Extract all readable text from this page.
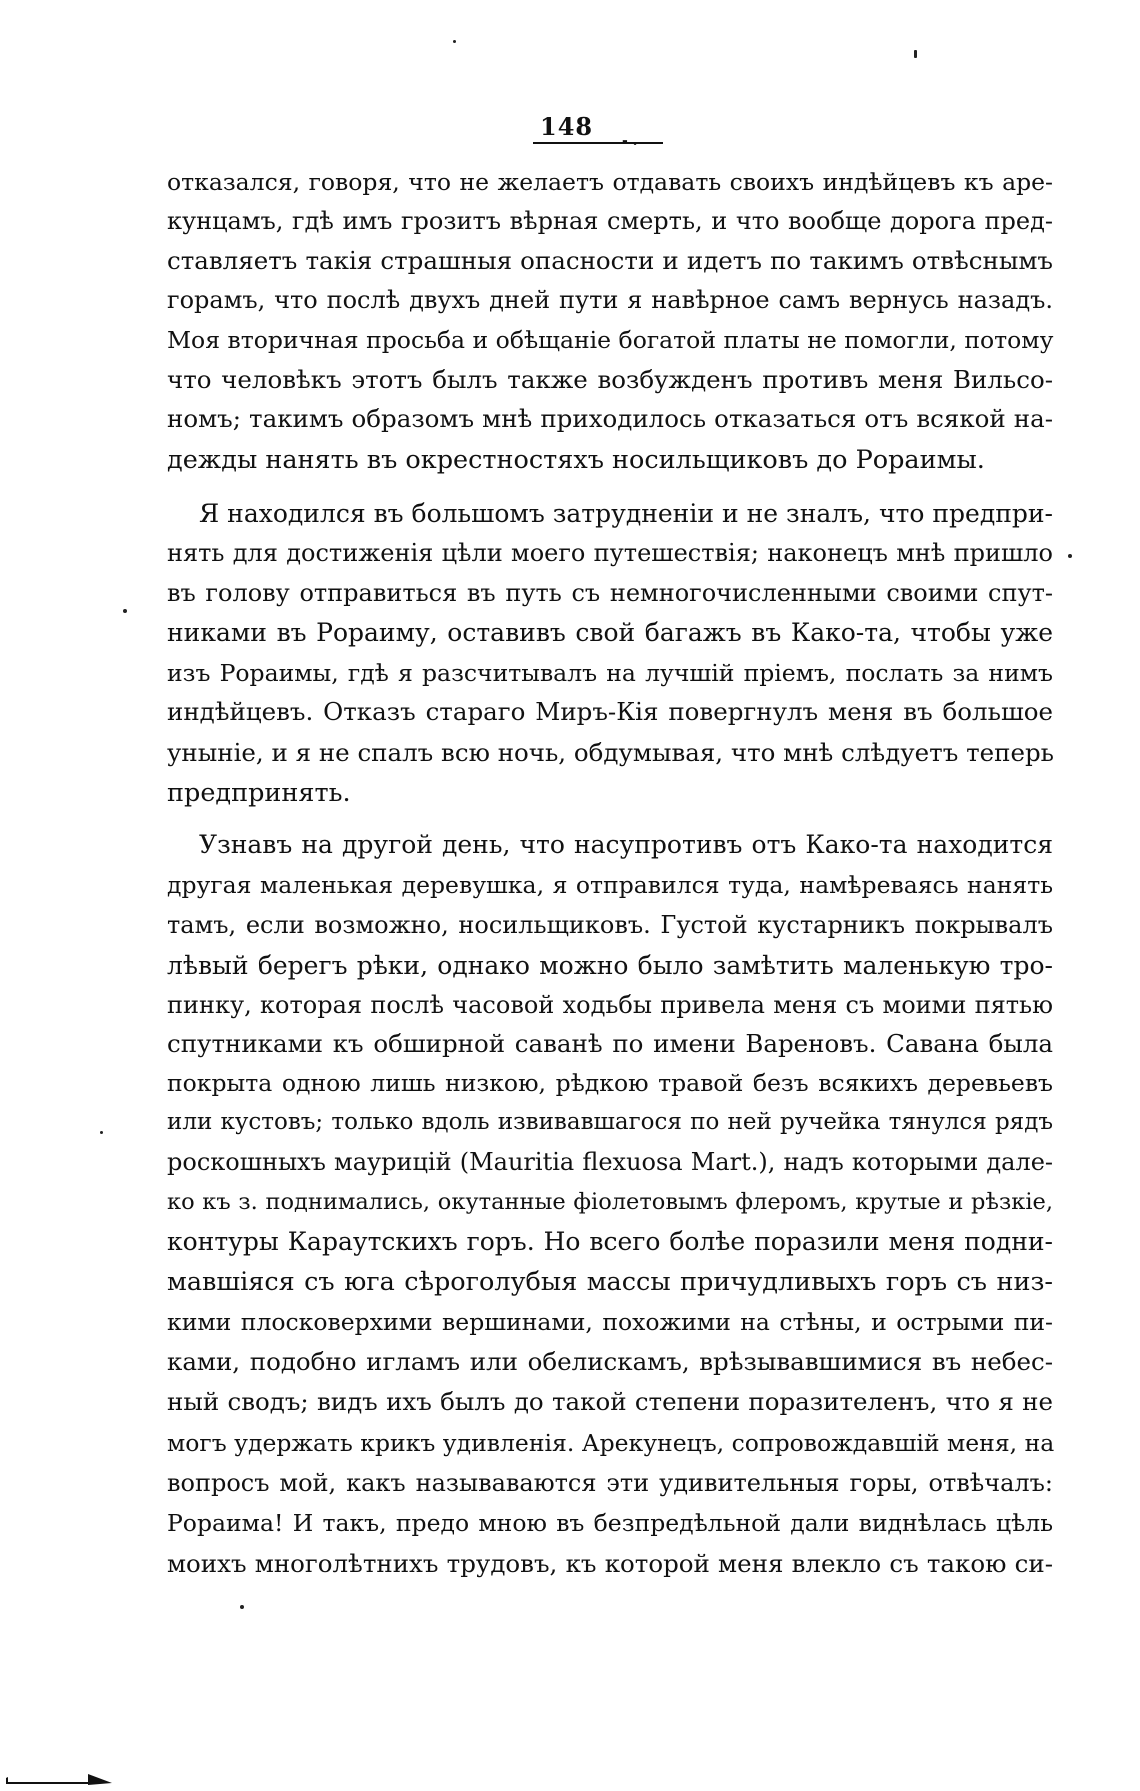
148	- .
отказался, говоря, что не желаетъ отдавать своихъ индѣйцевъ къ аре-
кунцамъ, гдѣ имъ грозитъ вѣрная смерть, и что вообще дорога пред-
ставляетъ такія страшныя опасности и идетъ по такимъ отвѣснымъ
горамъ, что послѣ двухъ дней пути я навѣрное самъ вернусь назадъ.
Моя вторичная просьба и обѣщаніе богатой платы не помогли, потому
что человѣкъ этотъ былъ также возбужденъ противъ меня Вильсо-
номъ; такимъ образомъ мнѣ приходилось отказаться отъ всякой на-
дежды нанять въ окрестностяхъ носильщиковъ до Рораимы.
Я находился въ большомъ затрудненіи и не зналъ, что предпри-
нять для достиженія цѣли моего путешествія; наконецъ мнѣ пришло
въ голову отправиться въ путь съ немногочисленными своими спут-
никами въ Рораиму, оставивъ свой багажъ въ Како-та, чтобы уже
изъ Рораимы, гдѣ я разсчитывалъ на лучшій пріемъ, послать за нимъ
индѣйцевъ. Отказъ стараго Миръ-Кія повергнулъ меня въ большое
уныніе, и я не спалъ всю ночь, обдумывая, что мнѣ слѣдуетъ теперь
предпринять.
Узнавъ на другой день, что насупротивъ отъ Како-та находится
другая маленькая деревушка, я отправился туда, намѣреваясь нанять
тамъ, если возможно, носильщиковъ. Густой кустарникъ покрывалъ
лѣвый берегъ рѣки, однако можно было замѣтить маленькую тро-
пинку, которая послѣ часовой ходьбы привела меня съ моими пятью
спутниками къ обширной саванѣ по имени Вареновъ. Савана была
покрыта одною лишь низкою, рѣдкою травой безъ всякихъ деревьевъ
или кустовъ; только вдоль извивавшагося по ней ручейка тянулся рядъ
роскошныхъ маурицій (Mauritia flexuosa Mart.), надъ которыми дале-
ко къ з. поднимались, окутанные фіолетовымъ флеромъ, крутые и рѣзкіе,
контуры Караутскихъ горъ. Но всего болѣе поразили меня подни-
мавшіяся съ юга сѣроголубыя массы причудливыхъ горъ съ низ-
кими плосковерхими вершинами, похожими на стѣны, и острыми пи-
ками, подобно игламъ или обелискамъ, врѣзывавшимися въ небес-
ный сводъ; видъ ихъ былъ до такой степени поразителенъ, что я не
могъ удержать крикъ удивленія. Арекунецъ, сопровождавшій меня, на
вопросъ мой, какъ называваются эти удивительныя горы, отвѣчалъ:
Рораима! И такъ, предо мною въ безпредѣльной дали виднѣлась цѣль
моихъ многолѣтнихъ трудовъ, къ которой меня влекло съ такою си-
